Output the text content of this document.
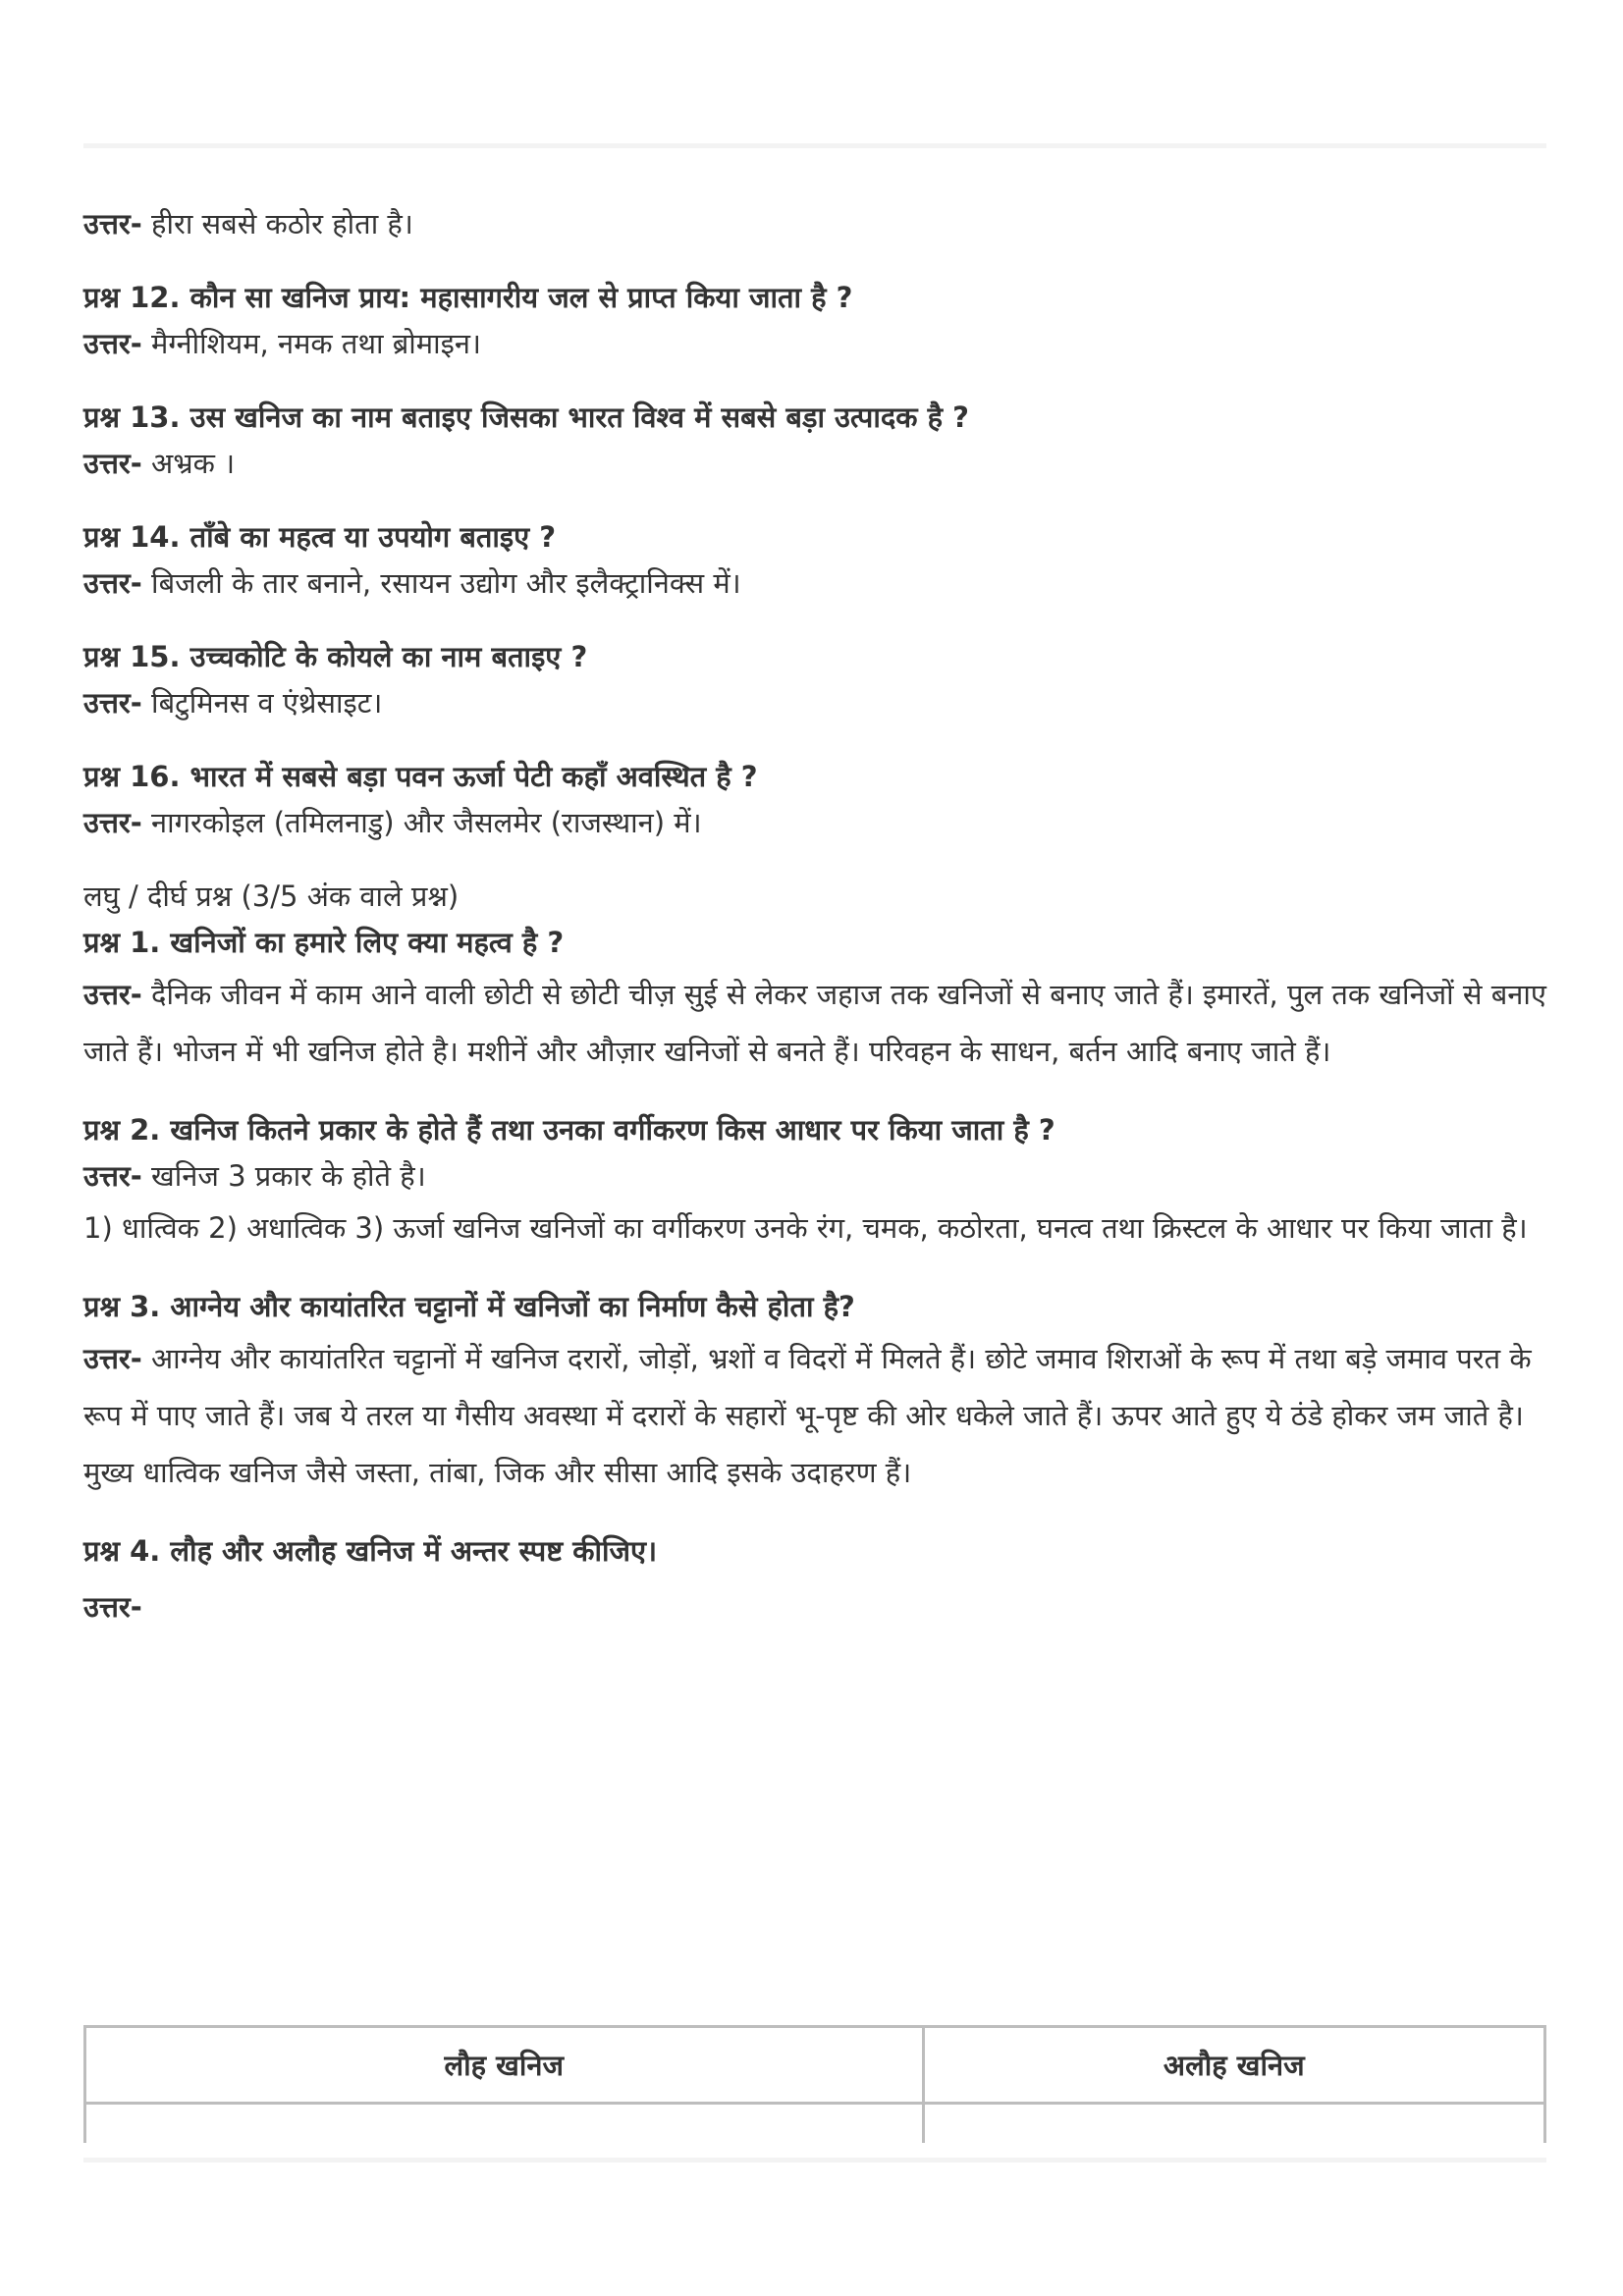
उत्तर- हीरा सबसे कठोर होता है।

प्रश्न 12. कौन सा खनिज प्राय: महासागरीय जल से प्राप्त किया जाता है ?

उत्तर- मैग्नीशियम, नमक तथा ब्रोमाइन।

प्रश्न 13. उस खनिज का नाम बताइए जिसका भारत विश्व में सबसे बड़ा उत्पादक है ?

उत्तर- अभ्रक ।

प्रश्न 14. ताँबे का महत्व या उपयोग बताइए ?

उत्तर- बिजली के तार बनाने, रसायन उद्योग और इलैक्ट्रानिक्स में।

प्रश्न 15. उच्चकोटि के कोयले का नाम बताइए ?

उत्तर- बिटुमिनस व एंथ्रेसाइट।

प्रश्न 16. भारत में सबसे बड़ा पवन ऊर्जा पेटी कहाँ अवस्थित है ?

उत्तर- नागरकोइल (तमिलनाडु) और जैसलमेर (राजस्थान) में।

लघु / दीर्घ प्रश्न (3/5 अंक वाले प्रश्न)

प्रश्न 1. खनिजों का हमारे लिए क्या महत्व है ?

उत्तर- दैनिक जीवन में काम आने वाली छोटी से छोटी चीज़ सुई से लेकर जहाज तक खनिजों से बनाए जाते हैं। इमारतें, पुल तक खनिजों से बनाए जाते हैं। भोजन में भी खनिज होते है। मशीनें और औज़ार खनिजों से बनते हैं। परिवहन के साधन, बर्तन आदि बनाए जाते हैं।

प्रश्न 2. खनिज कितने प्रकार के होते हैं तथा उनका वर्गीकरण किस आधार पर किया जाता है ?

उत्तर- खनिज 3 प्रकार के होते है।

1) धात्विक 2) अधात्विक 3) ऊर्जा खनिज खनिजों का वर्गीकरण उनके रंग, चमक, कठोरता, घनत्व तथा क्रिस्टल के आधार पर किया जाता है।

प्रश्न 3. आग्नेय और कायांतरित चट्टानों में खनिजों का निर्माण कैसे होता है?

उत्तर- आग्नेय और कायांतरित चट्टानों में खनिज दरारों, जोड़ों, भ्रशों व विदरों में मिलते हैं। छोटे जमाव शिराओं के रूप में तथा बड़े जमाव परत के रूप में पाए जाते हैं। जब ये तरल या गैसीय अवस्था में दरारों के सहारों भू-पृष्ट की ओर धकेले जाते हैं। ऊपर आते हुए ये ठंडे होकर जम जाते है। मुख्य धात्विक खनिज जैसे जस्ता, तांबा, जिक और सीसा आदि इसके उदाहरण हैं।

प्रश्न 4. लौह और अलौह खनिज में अन्तर स्पष्ट कीजिए।

उत्तर-

लौह खनिज	अलौह खनिज
